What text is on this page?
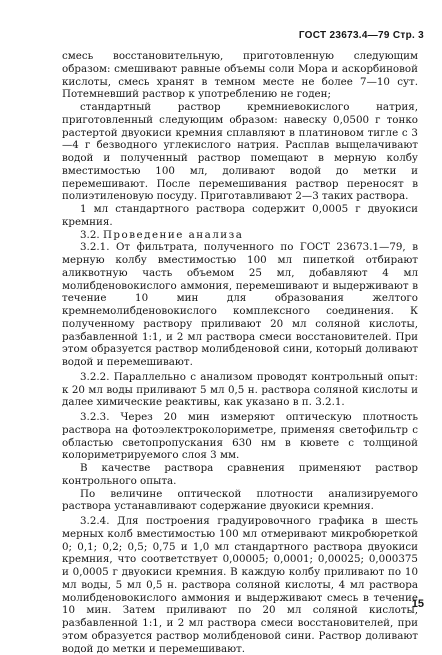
ГОСТ 23673.4—79 Стр. 3

смесь восстановительную, приготовленную следующим образом: смешивают равные объемы соли Мора и аскорбиновой кислоты, смесь хранят в темном месте не более 7—10 сут. Потемневший раствор к употреблению не годен;

стандартный раствор кремниевокислого натрия, приготовленный следующим образом: навеску 0,0500 г тонко растертой двуокиси кремния сплавляют в платиновом тигле с 3—4 г безводного углекислого натрия. Расплав выщелачивают водой и полученный раствор помещают в мерную колбу вместимостью 100 мл, доливают водой до метки и перемешивают. После перемешивания раствор переносят в полиэтиленовую посуду. Приготавливают 2—3 таких раствора.

1 мл стандартного раствора содержит 0,0005 г двуокиси кремния.

3.2. Проведение анализа

3.2.1. От фильтрата, полученного по ГОСТ 23673.1—79, в мерную колбу вместимостью 100 мл пипеткой отбирают аликвотную часть объемом 25 мл, добавляют 4 мл молибденовокислого аммония, перемешивают и выдерживают в течение 10 мин для образования желтого кремнемолибденовокислого комплексного соединения. К полученному раствору приливают 20 мл соляной кислоты, разбавленной 1:1, и 2 мл раствора смеси восстановителей. При этом образуется раствор молибденовой сини, который доливают водой и перемешивают.

3.2.2. Параллельно с анализом проводят контрольный опыт: к 20 мл воды приливают 5 мл 0,5 н. раствора соляной кислоты и далее химические реактивы, как указано в п. 3.2.1.

3.2.3. Через 20 мин измеряют оптическую плотность раствора на фотоэлектроколориметре, применяя светофильтр с областью светопропускания 630 нм в кювете с толщиной колориметрируемого слоя 3 мм.

В качестве раствора сравнения применяют раствор контрольного опыта.

По величине оптической плотности анализируемого раствора устанавливают содержание двуокиси кремния.

3.2.4. Для построения градуировочного графика в шесть мерных колб вместимостью 100 мл отмеривают микробюреткой 0; 0,1; 0,2; 0,5; 0,75 и 1,0 мл стандартного раствора двуокиси кремния, что соответствует 0,00005; 0,0001; 0,00025; 0,000375 и 0,0005 г двуокиси кремния. В каждую колбу приливают по 10 мл воды, 5 мл 0,5 н. раствора соляной кислоты, 4 мл раствора молибденовокислого аммония и выдерживают смесь в течение 10 мин. Затем приливают по 20 мл соляной кислоты, разбавленной 1:1, и 2 мл раствора смеси восстановителей, при этом образуется раствор молибденовой сини. Раствор доливают водой до метки и перемешивают.

15
